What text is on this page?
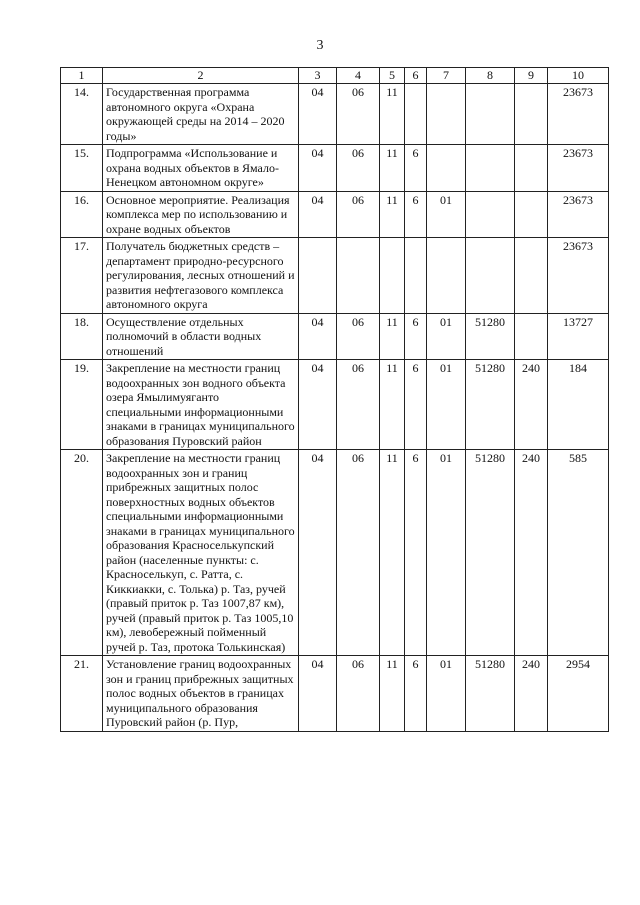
3
1	2	3	4	5	6	7	8	9	10
14.	Государственная программа автономного округа «Охрана окружающей среды на 2014 – 2020 годы»	04	06	11					23673
15.	Подпрограмма «Использование и охрана водных объектов в Ямало-Ненецком автономном округе»	04	06	11	6				23673
16.	Основное мероприятие. Реализация комплекса мер по использованию и охране водных объектов	04	06	11	6	01			23673
17.	Получатель бюджетных средств – департамент природно-ресурсного регулирования, лесных отношений и развития нефтегазового комплекса автономного округа								23673
18.	Осуществление отдельных полномочий в области водных отношений	04	06	11	6	01	51280		13727
19.	Закрепление на местности границ водоохранных зон водного объекта озера Ямылимуяганто специальными информационными знаками в границах муниципального образования Пуровский район	04	06	11	6	01	51280	240	184
20.	Закрепление на местности границ водоохранных зон и границ прибрежных защитных полос поверхностных водных объектов специальными информационными знаками в границах муниципального образования Красноселькупский район (населенные пункты: с. Красноселькуп, с. Ратта, с. Киккиакки, с. Толька) р. Таз, ручей (правый приток р. Таз 1007,87 км), ручей (правый приток р. Таз 1005,10 км), левобережный пойменный ручей р. Таз, протока Толькинская)	04	06	11	6	01	51280	240	585
21.	Установление границ водоохранных зон и границ прибрежных защитных полос водных объектов в границах муниципального образования Пуровский район (р. Пур,	04	06	11	6	01	51280	240	2954
